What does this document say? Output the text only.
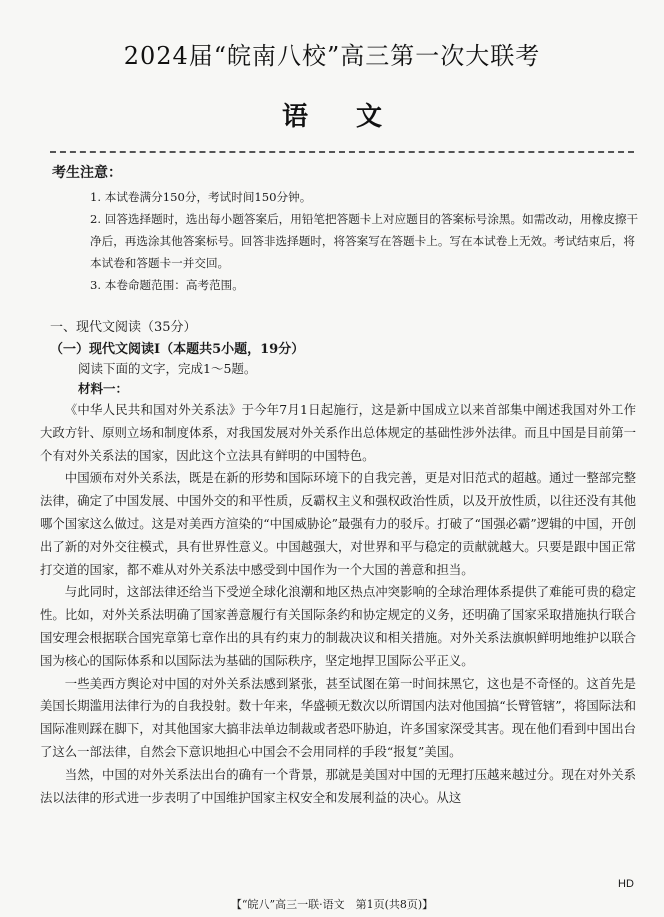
2024届“皖南八校”高三第一次大联考
语文
考生注意：

1. 本试卷满分150分，考试时间150分钟。

2. 回答选择题时，选出每小题答案后，用铅笔把答题卡上对应题目的答案标号涂黑。如需改动，用橡皮擦干净后，再选涂其他答案标号。回答非选择题时，将答案写在答题卡上。写在本试卷上无效。考试结束后，将本试卷和答题卡一并交回。

3. 本卷命题范围：高考范围。

一、现代文阅读（35分）
（一）现代文阅读Ⅰ（本题共5小题，19分）
阅读下面的文字，完成1～5题。
材料一：

《中华人民共和国对外关系法》于今年7月1日起施行，这是新中国成立以来首部集中阐述我国对外工作大政方针、原则立场和制度体系，对我国发展对外关系作出总体规定的基础性涉外法律。而且中国是目前第一个有对外关系法的国家，因此这个立法具有鲜明的中国特色。

中国颁布对外关系法，既是在新的形势和国际环境下的自我完善，更是对旧范式的超越。通过一整部完整法律，确定了中国发展、中国外交的和平性质，反霸权主义和强权政治性质，以及开放性质，以往还没有其他哪个国家这么做过。这是对美西方渲染的“中国威胁论”最强有力的驳斥。打破了“国强必霸”逻辑的中国，开创出了新的对外交往模式，具有世界性意义。中国越强大，对世界和平与稳定的贡献就越大。只要是跟中国正常打交道的国家，都不难从对外关系法中感受到中国作为一个大国的善意和担当。

与此同时，这部法律还给当下受逆全球化浪潮和地区热点冲突影响的全球治理体系提供了难能可贵的稳定性。比如，对外关系法明确了国家善意履行有关国际条约和协定规定的义务，还明确了国家采取措施执行联合国安理会根据联合国宪章第七章作出的具有约束力的制裁决议和相关措施。对外关系法旗帜鲜明地维护以联合国为核心的国际体系和以国际法为基础的国际秩序，坚定地捍卫国际公平正义。

一些美西方舆论对中国的对外关系法感到紧张，甚至试图在第一时间抹黑它，这也是不奇怪的。这首先是美国长期滥用法律行为的自我投射。数十年来，华盛顿无数次以所谓国内法对他国搞“长臂管辖”，将国际法和国际准则踩在脚下，对其他国家大搞非法单边制裁或者恐吓胁迫，许多国家深受其害。现在他们看到中国出台了这么一部法律，自然会下意识地担心中国会不会用同样的手段“报复”美国。

当然，中国的对外关系法出台的确有一个背景，那就是美国对中国的无理打压越来越过分。现在对外关系法以法律的形式进一步表明了中国维护国家主权安全和发展利益的决心。从这

HD
【“皖八”高三一联·语文　第1页(共8页)】
